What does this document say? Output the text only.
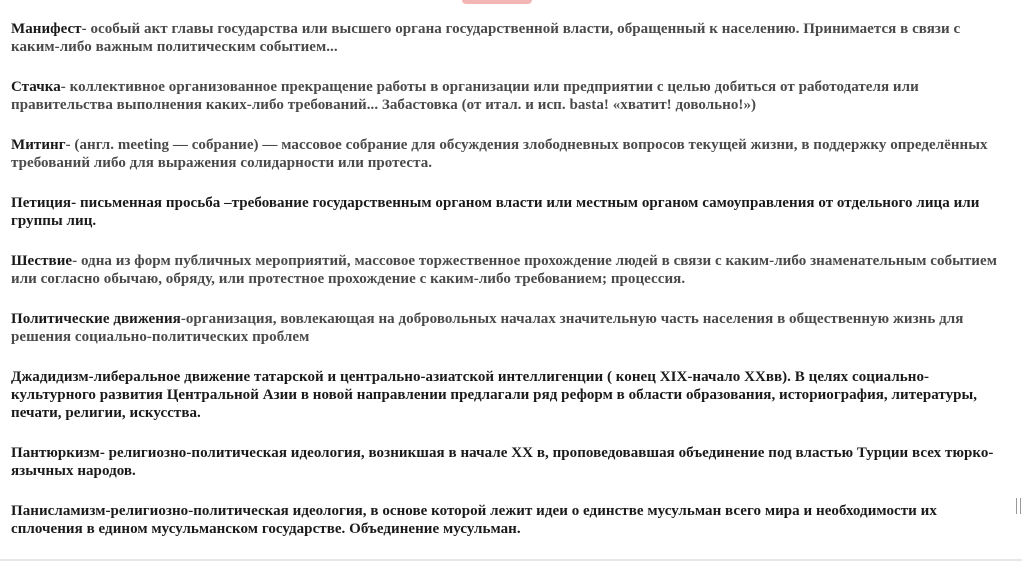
Манифест- особый акт главы государства или высшего органа государственной власти, обращенный к населению. Принимается в связи с каким-либо важным политическим событием...

Стачка- коллективное организованное прекращение работы в организации или предприятии с целью добиться от работодателя или правительства выполнения каких-либо требований... Забастовка (от итал. и исп. basta! «хватит! довольно!»)

Митинг- (англ. meeting — собрание) — массовое собрание для обсуждения злободневных вопросов текущей жизни, в поддержку определённых требований либо для выражения солидарности или протеста.

Петиция- письменная просьба –требование государственным органом власти или местным органом самоуправления от отдельного лица или группы лиц.

Шествие- одна из форм публичных мероприятий, массовое торжественное прохождение людей в связи с каким-либо знаменательным событием или согласно обычаю, обряду, или протестное прохождение с каким-либо требованием; процессия.

Политические движения-организация, вовлекающая на добровольных началах значительную часть населения в общественную жизнь для решения социально-политических проблем

Джадидизм-либеральное движение татарской и центрально-азиатской интеллигенции ( конец XIX-начало XXвв). В целях социально-культурного развития Центральной Азии в новой направлении предлагали ряд реформ в области образования, историография, литературы, печати, религии, искусства.

Пантюркизм- религиозно-политическая идеология, возникшая в начале XX в, проповедовавшая объединение под властью Турции всех тюрко-язычных народов.

Панисламизм-религиозно-политическая идеология, в основе которой лежит идеи о единстве мусульман всего мира и необходимости их сплочения в едином мусульманском государстве. Объединение мусульман.
